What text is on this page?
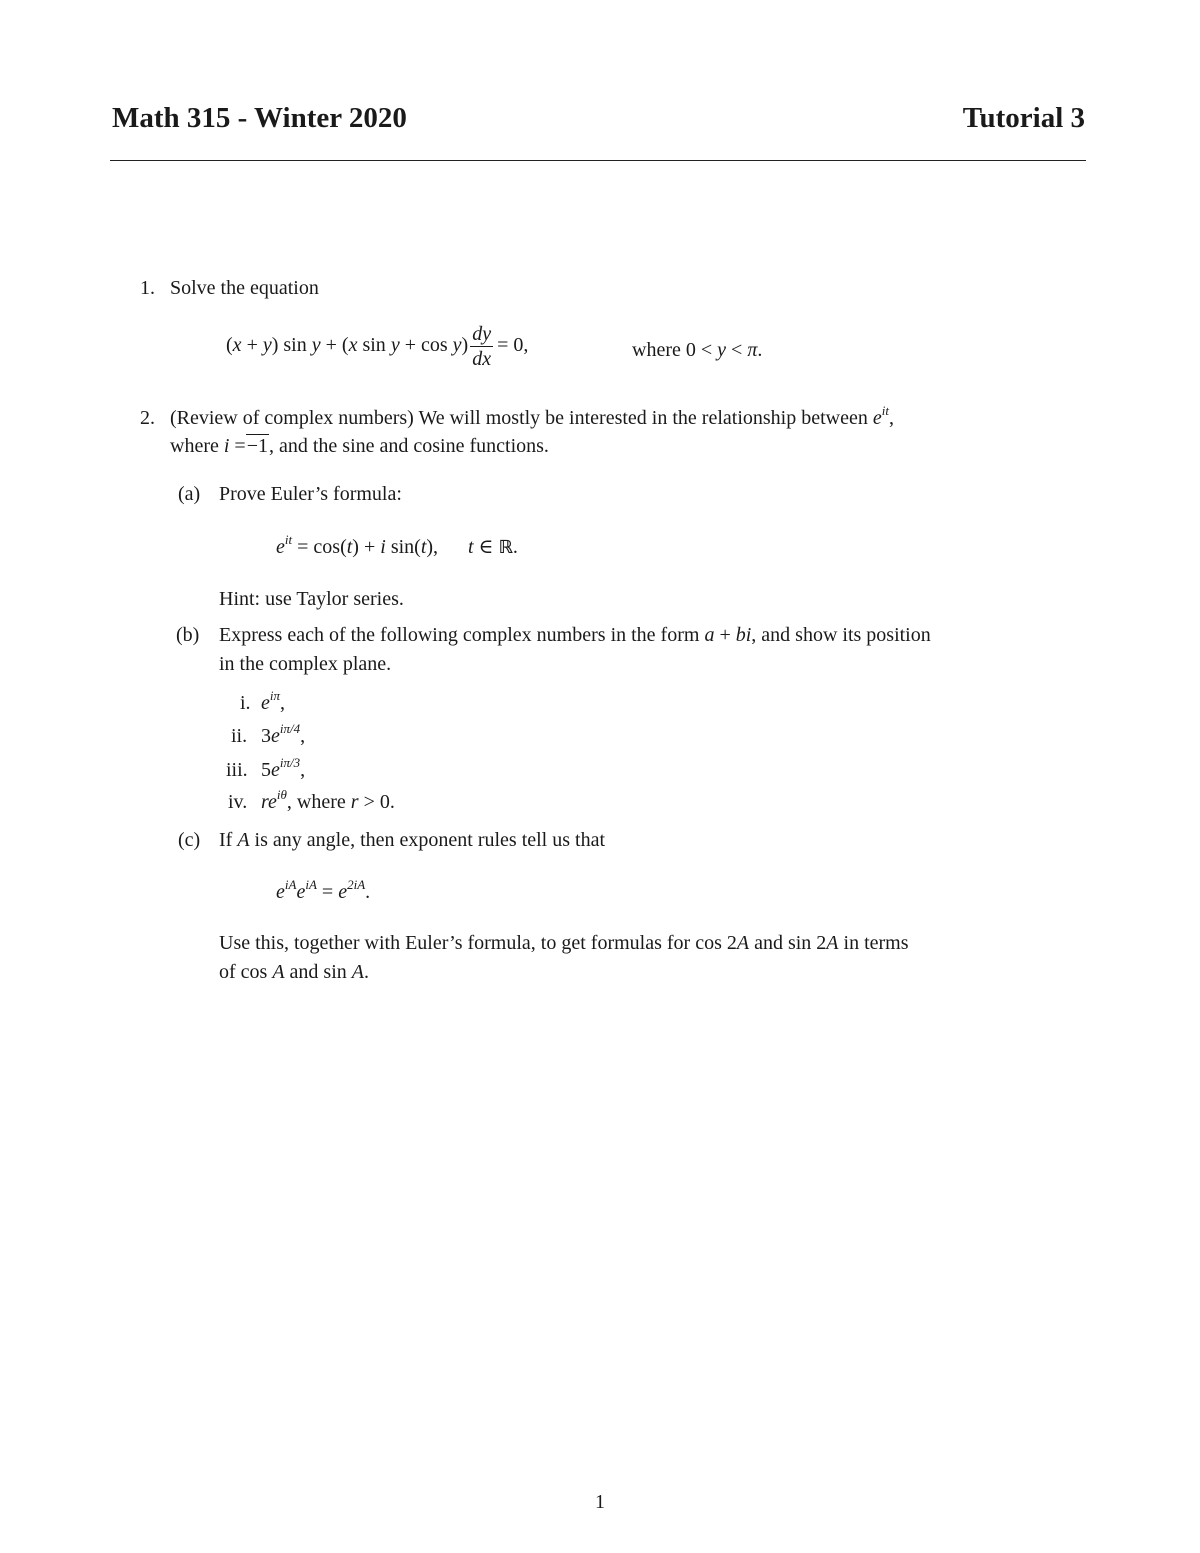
Math 315 - Winter 2020	Tutorial 3
1. Solve the equation
(x + y) sin y + (x $\sin y + \cos y) \frac{dy}{dx} = 0$,	where 0 < y < π.
2. (Review of complex numbers) We will mostly be interested in the relationship between $e^{it}$,
where i =−1, and the sine and cosine functions.
(a) Prove Euler’s formula:
$e^{it} = \cos(t) + i$ sin(t), t ∈ ℝ.
Hint: use Taylor series.
(b) Express each of the following complex numbers in the form a + bi, and show its position
in the complex plane.
i. $e^{i\pi}$,
ii. $3e^{i\pi/4}$,
iii. $5e^{i\pi/3}$,
iv. $re^{i\theta}$, where r > 0.
(c) If A is any angle, then exponent rules tell us that
$e^{iA}e^{iA} = e^{2iA}$.
Use this, together with Euler’s formula, to get formulas for cos 2A and sin 2A in terms
of cos A and sin A.
1
